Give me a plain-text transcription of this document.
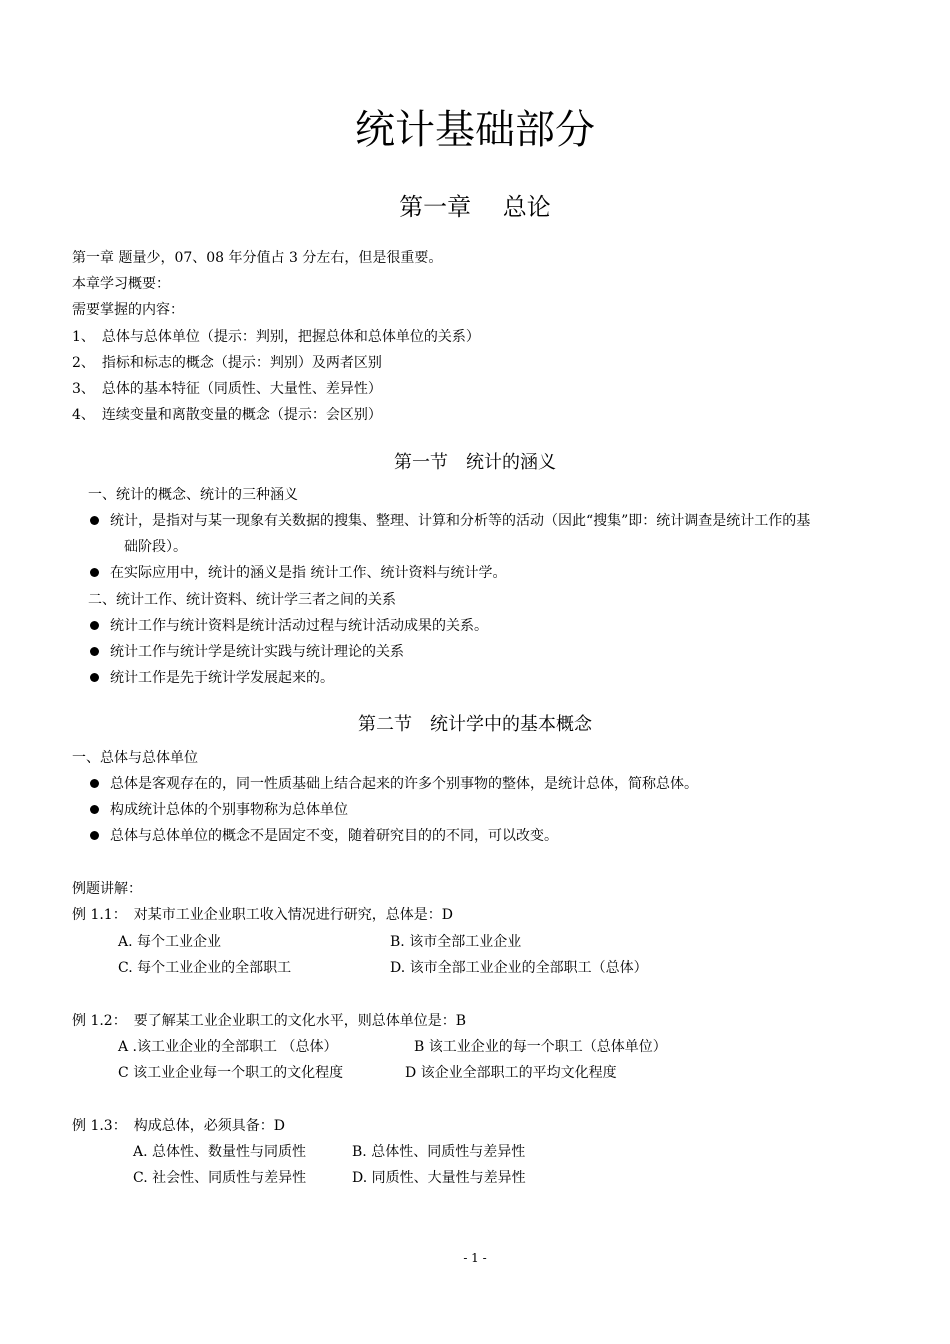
统计基础部分
第一章　 总论
第一章 题量少，07、08 年分值占 3 分左右，但是很重要。
本章学习概要：
需要掌握的内容：
1、　总体与总体单位（提示：判别，把握总体和总体单位的关系）
2、　指标和标志的概念（提示：判别）及两者区别
3、　总体的基本特征（同质性、大量性、差异性）
4、　连续变量和离散变量的概念（提示：会区别）
第一节　统计的涵义
一、统计的概念、统计的三种涵义
统计，是指对与某一现象有关数据的搜集、整理、计算和分析等的活动（因此“搜集”即：统计调查是统计工作的基
础阶段）。
在实际应用中，统计的涵义是指 统计工作、统计资料与统计学。
二、统计工作、统计资料、统计学三者之间的关系
统计工作与统计资料是统计活动过程与统计活动成果的关系。
统计工作与统计学是统计实践与统计理论的关系
统计工作是先于统计学发展起来的。
第二节　统计学中的基本概念
一、总体与总体单位
总体是客观存在的，同一性质基础上结合起来的许多个别事物的整体，是统计总体，简称总体。
构成统计总体的个别事物称为总体单位
总体与总体单位的概念不是固定不变，随着研究目的的不同，可以改变。
例题讲解：
例 1.1：　对某市工业企业职工收入情况进行研究，总体是：D
A. 每个工业企业	B. 该市全部工业企业
C. 每个工业企业的全部职工	D. 该市全部工业企业的全部职工（总体）
例 1.2：　要了解某工业企业职工的文化水平，则总体单位是：B
A .该工业企业的全部职工 （总体）	B 该工业企业的每一个职工（总体单位）
C 该工业企业每一个职工的文化程度	D 该企业全部职工的平均文化程度
例 1.3：　构成总体，必须具备：D
A. 总体性、数量性与同质性	B. 总体性、同质性与差异性
C. 社会性、同质性与差异性	D. 同质性、大量性与差异性
- 1 -
